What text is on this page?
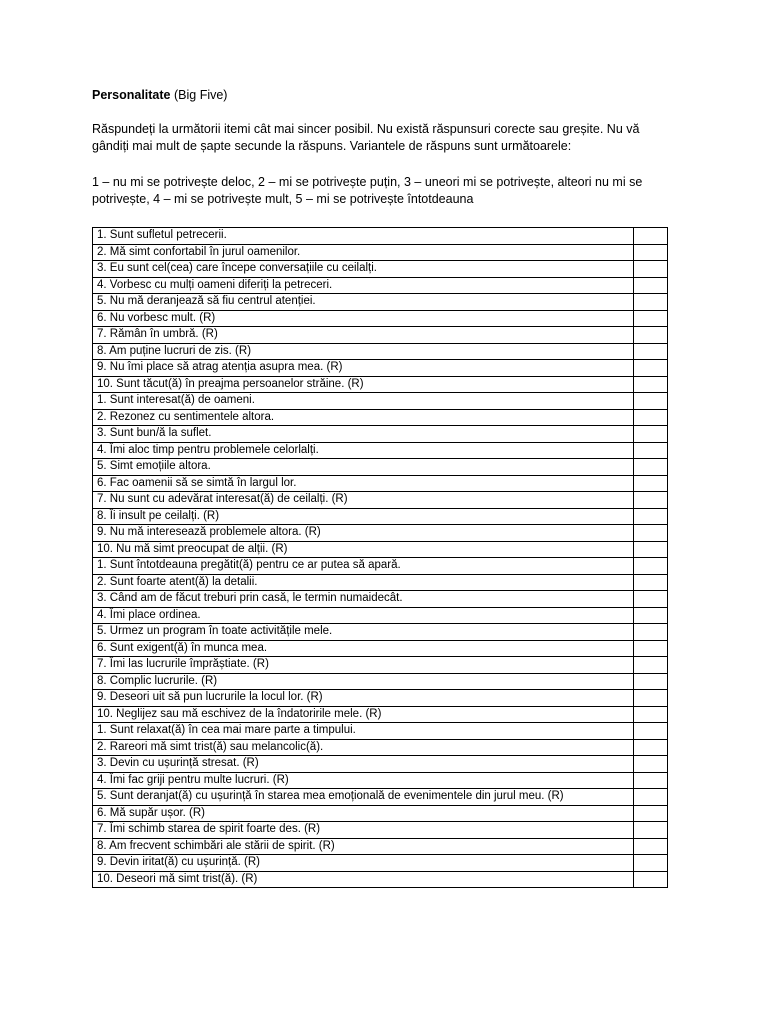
Personalitate (Big Five)
Răspundeți la următorii itemi cât mai sincer posibil. Nu există răspunsuri corecte sau greșite. Nu vă gândiți mai mult de șapte secunde la răspuns. Variantele de răspuns sunt următoarele:
1 – nu mi se potrivește deloc, 2 – mi se potrivește puțin, 3 – uneori mi se potrivește, alteori nu mi se potrivește, 4 – mi se potrivește mult, 5 – mi se potrivește întotdeauna
1. Sunt sufletul petrecerii.	
2. Mă simt confortabil în jurul oamenilor.	
3. Eu sunt cel(cea) care începe conversațiile cu ceilalți.	
4. Vorbesc cu mulți oameni diferiți la petreceri.	
5. Nu mă deranjează să fiu centrul atenției.	
6. Nu vorbesc mult. (R)	
7. Rămân în umbră. (R)	
8. Am puține lucruri de zis. (R)	
9. Nu îmi place să atrag atenția asupra mea. (R)	
10. Sunt tăcut(ă) în preajma persoanelor străine. (R)	
1. Sunt interesat(ă) de oameni.	
2. Rezonez cu sentimentele altora.	
3. Sunt bun/ă la suflet.	
4. Îmi aloc timp pentru problemele celorlalți.	
5. Simt emoțiile altora.	
6. Fac oamenii să se simtă în largul lor.	
7. Nu sunt cu adevărat interesat(ă) de ceilalți. (R)	
8. Îi insult pe ceilalți. (R)	
9. Nu mă interesează problemele altora. (R)	
10. Nu mă simt preocupat de alții. (R)	
1. Sunt întotdeauna pregătit(ă) pentru ce ar putea să apară.	
2. Sunt foarte atent(ă) la detalii.	
3. Când am de făcut treburi prin casă, le termin numaidecât.	
4. Îmi place ordinea.	
5. Urmez un program în toate activitățile mele.	
6. Sunt exigent(ă) în munca mea.	
7. Îmi las lucrurile împrăștiate. (R)	
8. Complic lucrurile. (R)	
9. Deseori uit să pun lucrurile la locul lor. (R)	
10. Neglijez sau mă eschivez de la îndatoririle mele. (R)	
1. Sunt relaxat(ă) în cea mai mare parte a timpului.	
2. Rareori mă simt trist(ă) sau melancolic(ă).	
3. Devin cu ușurință stresat. (R)	
4. Îmi fac griji pentru multe lucruri. (R)	
5. Sunt deranjat(ă) cu ușurință în starea mea emoțională de evenimentele din jurul meu. (R)	
6. Mă supăr ușor. (R)	
7. Îmi schimb starea de spirit foarte des. (R)	
8. Am frecvent schimbări ale stării de spirit. (R)	
9. Devin iritat(ă) cu ușurință. (R)	
10. Deseori mă simt trist(ă). (R)	
